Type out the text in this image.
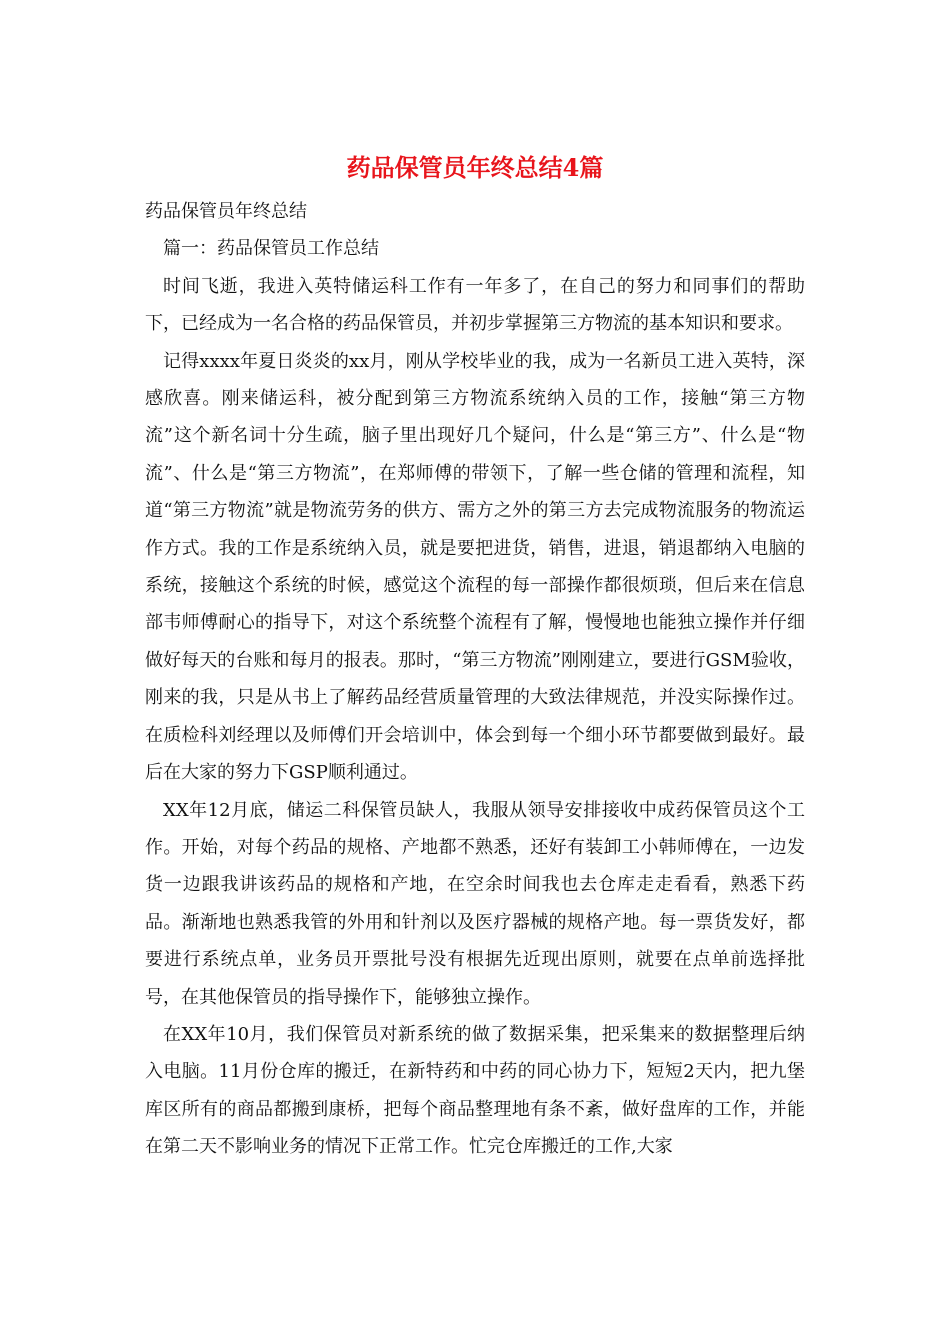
药品保管员年终总结4篇

药品保管员年终总结

篇一：药品保管员工作总结

时间飞逝，我进入英特储运科工作有一年多了，在自己的努力和同事们的帮助下，已经成为一名合格的药品保管员，并初步掌握第三方物流的基本知识和要求。

记得xxxx年夏日炎炎的xx月，刚从学校毕业的我，成为一名新员工进入英特，深感欣喜。刚来储运科，被分配到第三方物流系统纳入员的工作，接触“第三方物流”这个新名词十分生疏，脑子里出现好几个疑问，什么是“第三方”、什么是“物流”、什么是“第三方物流”，在郑师傅的带领下，了解一些仓储的管理和流程，知道“第三方物流”就是物流劳务的供方、需方之外的第三方去完成物流服务的物流运作方式。我的工作是系统纳入员，就是要把进货，销售，进退，销退都纳入电脑的系统，接触这个系统的时候，感觉这个流程的每一部操作都很烦琐，但后来在信息部韦师傅耐心的指导下，对这个系统整个流程有了解，慢慢地也能独立操作并仔细做好每天的台账和每月的报表。那时，“第三方物流”刚刚建立，要进行GSM验收，刚来的我，只是从书上了解药品经营质量管理的大致法律规范，并没实际操作过。在质检科刘经理以及师傅们开会培训中，体会到每一个细小环节都要做到最好。最后在大家的努力下GSP顺利通过。

XX年12月底，储运二科保管员缺人，我服从领导安排接收中成药保管员这个工作。开始，对每个药品的规格、产地都不熟悉，还好有装卸工小韩师傅在，一边发货一边跟我讲该药品的规格和产地，在空余时间我也去仓库走走看看，熟悉下药品。渐渐地也熟悉我管的外用和针剂以及医疗器械的规格产地。每一票货发好，都要进行系统点单，业务员开票批号没有根据先近现出原则，就要在点单前选择批号，在其他保管员的指导操作下，能够独立操作。

在XX年10月，我们保管员对新系统的做了数据采集，把采集来的数据整理后纳入电脑。11月份仓库的搬迁，在新特药和中药的同心协力下，短短2天内，把九堡库区所有的商品都搬到康桥，把每个商品整理地有条不紊，做好盘库的工作，并能在第二天不影响业务的情况下正常工作。忙完仓库搬迁的工作,大家
